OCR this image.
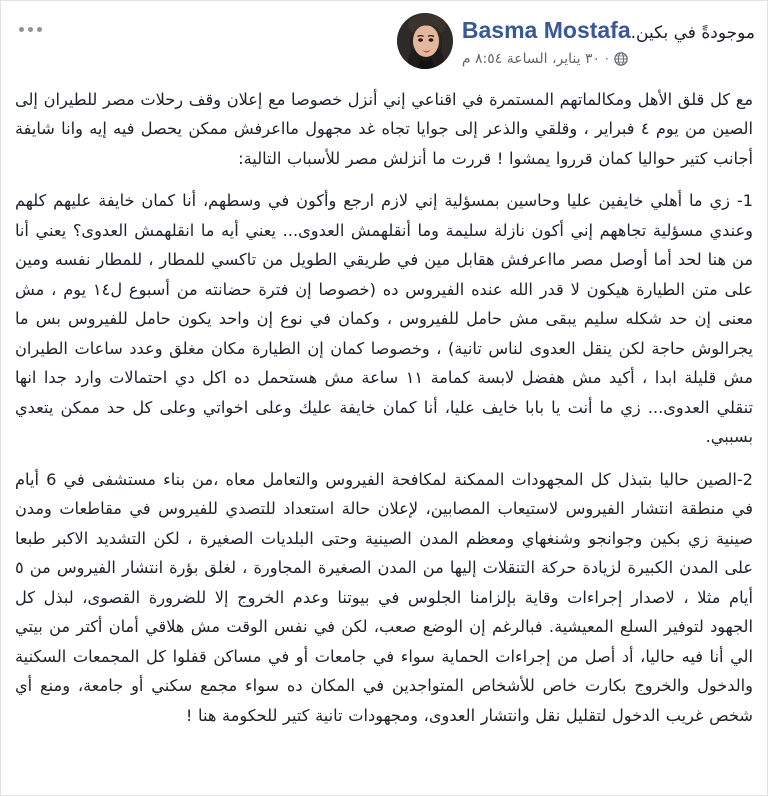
موجودةً في بكين.Basma Mostafa
٣٠ يناير، الساعة ٨:٥٤ م ·

مع كل قلق الأهل ومكالماتهم المستمرة في اقناعي إني أنزل خصوصا مع إعلان وقف رحلات مصر للطيران إلى الصين من يوم ٤ فبراير ، وقلقي والذعر إلى جوايا تجاه غد مجهول مااعرفش ممكن يحصل فيه إيه وانا شايفة أجانب كتير حواليا كمان قرروا يمشوا ! قررت ما أنزلش مصر للأسباب التالية:

1- زي ما أهلي خايفين عليا وحاسين بمسؤلية إني لازم ارجع وأكون في وسطهم، أنا كمان خايفة عليهم كلهم وعندي مسؤلية تجاههم إني أكون نازلة سليمة وما أنقلهمش العدوى... يعني أيه ما انقلهمش العدوى؟ يعني أنا من هنا لحد أما أوصل مصر مااعرفش هقابل مين في طريقي الطويل من تاكسي للمطار ، للمطار نفسه ومين على متن الطيارة هيكون لا قدر الله عنده الفيروس ده (خصوصا إن فترة حضانته من أسبوع ل١٤ يوم ، مش معنى إن حد شكله سليم يبقى مش حامل للفيروس ، وكمان في نوع إن واحد يكون حامل للفيروس بس ما يجرالوش حاجة لكن ينقل العدوى لناس تانية) ، وخصوصا كمان إن الطيارة مكان مغلق وعدد ساعات الطيران مش قليلة ابدا ، أكيد مش هفضل لابسة كمامة ١١ ساعة مش هستحمل ده اكل دي احتمالات وارد جدا انها تنقلي العدوى... زي ما أنت يا بابا خايف عليا، أنا كمان خايفة عليك وعلى اخواتي وعلى كل حد ممكن يتعدي بسببي.

2-الصين حاليا بتبذل كل المجهودات الممكنة لمكافحة الفيروس والتعامل معاه ،من بناء مستشفى في 6 أيام في منطقة انتشار الفيروس لاستيعاب المصابين، لإعلان حالة استعداد للتصدي للفيروس في مقاطعات ومدن صينية زي بكين وجوانجو وشنغهاي ومعظم المدن الصينية وحتى البلديات الصغيرة ، لكن التشديد الاكبر طبعا على المدن الكبيرة لزيادة حركة التنقلات إليها من المدن الصغيرة المجاورة ، لغلق بؤرة انتشار الفيروس من ٥ أيام مثلا ، لاصدار إجراءات وقاية بإلزامنا الجلوس في بيوتنا وعدم الخروج إلا للضرورة القصوى، لبذل كل الجهود لتوفير السلع المعيشية. فبالرغم إن الوضع صعب، لكن في نفس الوقت مش هلاقي أمان أكتر من بيتي الي أنا فيه حاليا، أد أصل من إجراءات الحماية سواء في جامعات أو في مساكن قفلوا كل المجمعات السكنية والدخول والخروج بكارت خاص للأشخاص المتواجدين في المكان ده سواء مجمع سكني أو جامعة، ومنع أي شخص غريب الدخول لتقليل نقل وانتشار العدوى، ومجهودات تانية كتير للحكومة هنا !
